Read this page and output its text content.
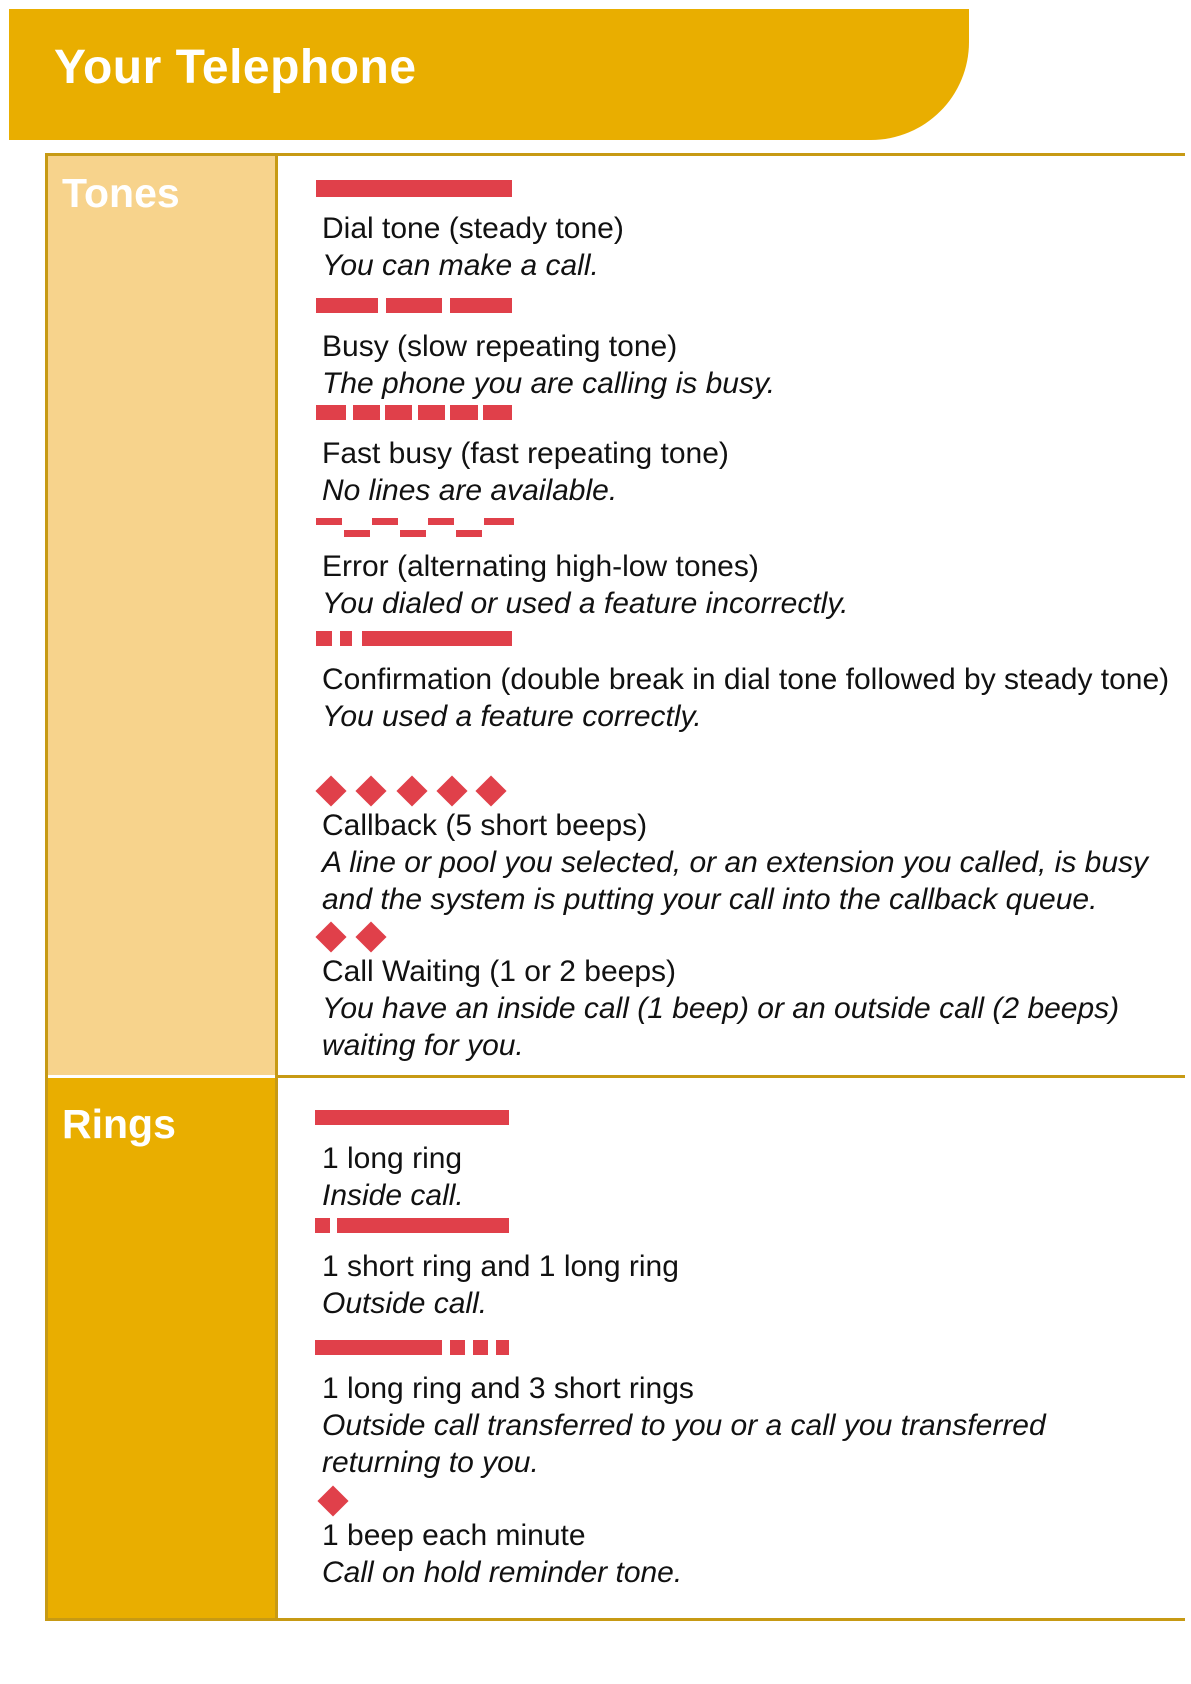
Your Telephone
Tones
Rings
Dial tone (steady tone)
You can make a call.
Busy (slow repeating tone)
The phone you are calling is busy.
Fast busy (fast repeating tone)
No lines are available.
Error (alternating high-low tones)
You dialed or used a feature incorrectly.
Confirmation (double break in dial tone followed by steady tone)
You used a feature correctly.
Callback (5 short beeps)
A line or pool you selected, or an extension you called, is busy and the system is putting your call into the callback queue.
Call Waiting (1 or 2 beeps)
You have an inside call (1 beep) or an outside call (2 beeps) waiting for you.
1 long ring
Inside call.
1 short ring and 1 long ring
Outside call.
1 long ring and 3 short rings
Outside call transferred to you or a call you transferred returning to you.
1 beep each minute
Call on hold reminder tone.
